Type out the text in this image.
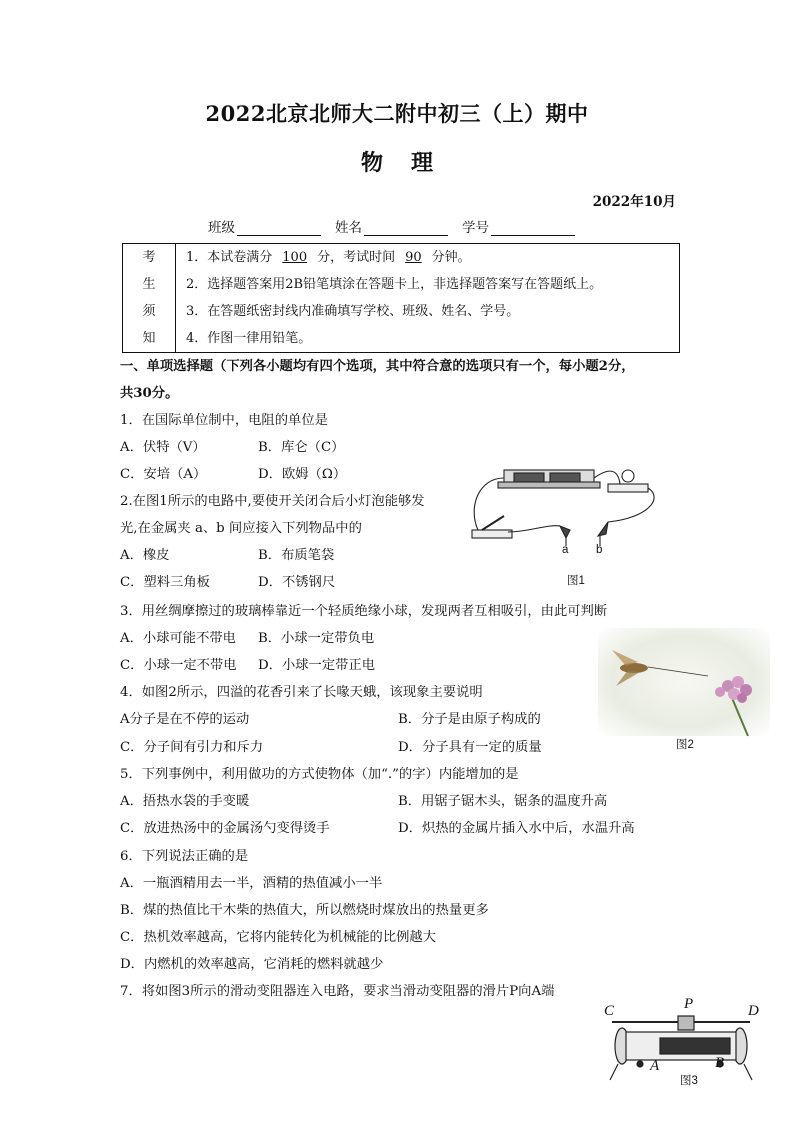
2022北京北师大二附中初三（上）期中
物理
2022年10月
班级	姓名	学号
考
生
须
知

1．本试卷满分 100 分，考试时间 90 分钟。
2．选择题答案用2B铅笔填涂在答题卡上，非选择题答案写在答题纸上。
3．在答题纸密封线内准确填写学校、班级、姓名、学号。
4．作图一律用铅笔。
一、单项选择题（下列各小题均有四个选项，其中符合意的选项只有一个，每小题2分，
共30分。
1．在国际单位制中，电阻的单位是
A．伏特（V）	B．库仑（C）
C．安培（A）	D．欧姆（Ω）
2.在图1所示的电路中,要使开关闭合后小灯泡能够发
光,在金属夹 a、b 间应接入下列物品中的
A．橡皮	B．布质笔袋
C．塑料三角板	D．不锈钢尺
a b
图1
3．用丝绸摩擦过的玻璃棒靠近一个轻质绝缘小球，发现两者互相吸引，由此可判断
A．小球可能不带电 B．小球一定带负电
C．小球一定不带电 D．小球一定带正电
图2
4．如图2所示，四溢的花香引来了长喙天蛾，该现象主要说明
A分子是在不停的运动	B．分子是由原子构成的
C．分子间有引力和斥力	D．分子具有一定的质量
5．下列事例中，利用做功的方式使物体（加“.”的字）内能增加的是
A．捂热水袋的手变暖	B．用锯子锯木头，锯条的温度升高
C．放进热汤中的金属汤勺变得烫手	D．炽热的金属片插入水中后，水温升高
6．下列说法正确的是
A．一瓶酒精用去一半，酒精的热值减小一半
B．煤的热值比干木柴的热值大，所以燃烧时煤放出的热量更多
C．热机效率越高，它将内能转化为机械能的比例越大
D．内燃机的效率越高，它消耗的燃料就越少
7．将如图3所示的滑动变阻器连入电路，要求当滑动变阻器的滑片P向A端
C	P	D
A	B
图3
